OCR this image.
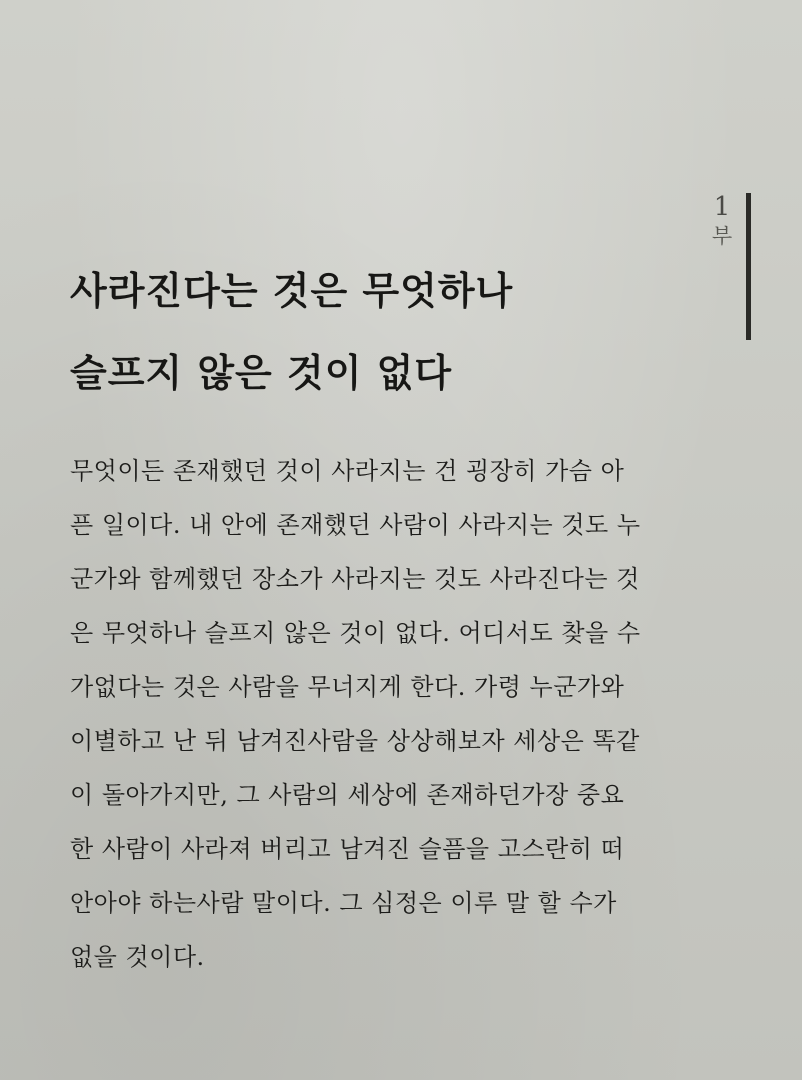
1
부
사라진다는 것은 무엇하나
슬프지 않은 것이 없다
무엇이든 존재했던 것이 사라지는 건 굉장히 가슴 아
픈 일이다. 내 안에 존재했던 사람이 사라지는 것도 누
군가와 함께했던 장소가 사라지는 것도 사라진다는 것
은 무엇하나 슬프지 않은 것이 없다. 어디서도 찾을 수
가없다는 것은 사람을 무너지게 한다. 가령 누군가와
이별하고 난 뒤 남겨진사람을 상상해보자 세상은 똑같
이 돌아가지만, 그 사람의 세상에 존재하던가장 중요
한 사람이 사라져 버리고 남겨진 슬픔을 고스란히 떠
안아야 하는사람 말이다. 그 심정은 이루 말 할 수가
없을 것이다.
